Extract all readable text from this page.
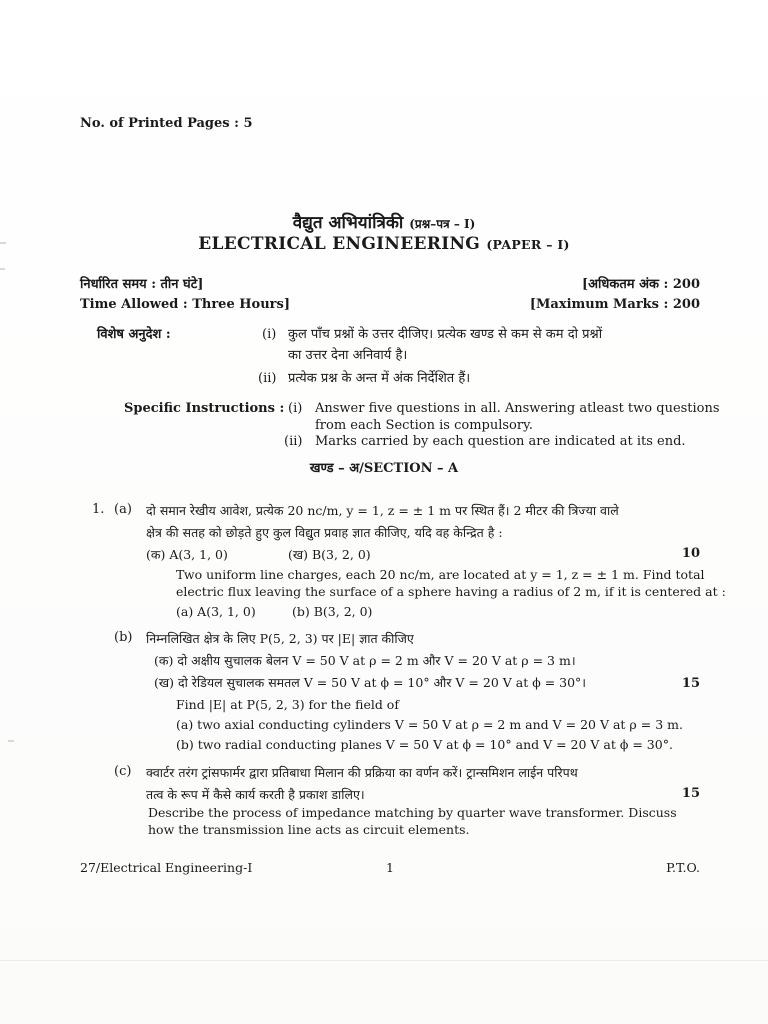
No. of Printed Pages : 5
वैद्युत अभियांत्रिकी (प्रश्न–पत्र – I)
ELECTRICAL ENGINEERING (PAPER – I)
निर्धारित समय : तीन घंटे]	[अधिकतम अंक : 200
Time Allowed : Three Hours]	[Maximum Marks : 200
विशेष अनुदेश :	(i) कुल पाँच प्रश्नों के उत्तर दीजिए। प्रत्येक खण्ड से कम से कम दो प्रश्नों
का उत्तर देना अनिवार्य है।
(ii) प्रत्येक प्रश्न के अन्त में अंक निर्देशित हैं।
Specific Instructions : (i) Answer five questions in all. Answering atleast two questions
from each Section is compulsory.
(ii) Marks carried by each question are indicated at its end.
खण्ड – अ/SECTION – A
1. (a) दो समान रेखीय आवेश, प्रत्येक 20 nc/m, y = 1, z = ± 1 m पर स्थित हैं। 2 मीटर की त्रिज्या वाले
क्षेत्र की सतह को छोड़ते हुए कुल विद्युत प्रवाह ज्ञात कीजिए, यदि वह केन्द्रित है :
(क) A(3, 1, 0)	(ख) B(3, 2, 0)	10
Two uniform line charges, each 20 nc/m, are located at y = 1, z = ± 1 m. Find total
electric flux leaving the surface of a sphere having a radius of 2 m, if it is centered at :
(a) A(3, 1, 0)	(b) B(3, 2, 0)
(b) निम्नलिखित क्षेत्र के लिए P(5, 2, 3) पर |E| ज्ञात कीजिए
(क) दो अक्षीय सुचालक बेलन V = 50 V at ρ = 2 m और V = 20 V at ρ = 3 m।
(ख) दो रेडियल सुचालक समतल V = 50 V at ϕ = 10° और V = 20 V at ϕ = 30°।	15
Find |E| at P(5, 2, 3) for the field of
(a) two axial conducting cylinders V = 50 V at ρ = 2 m and V = 20 V at ρ = 3 m.
(b) two radial conducting planes V = 50 V at ϕ = 10° and V = 20 V at ϕ = 30°.
(c) क्वार्टर तरंग ट्रांसफार्मर द्वारा प्रतिबाधा मिलान की प्रक्रिया का वर्णन करें। ट्रान्समिशन लाईन परिपथ
तत्व के रूप में कैसे कार्य करती है प्रकाश डालिए।	15
Describe the process of impedance matching by quarter wave transformer. Discuss
how the transmission line acts as circuit elements.
27/Electrical Engineering-I	1	P.T.O.
